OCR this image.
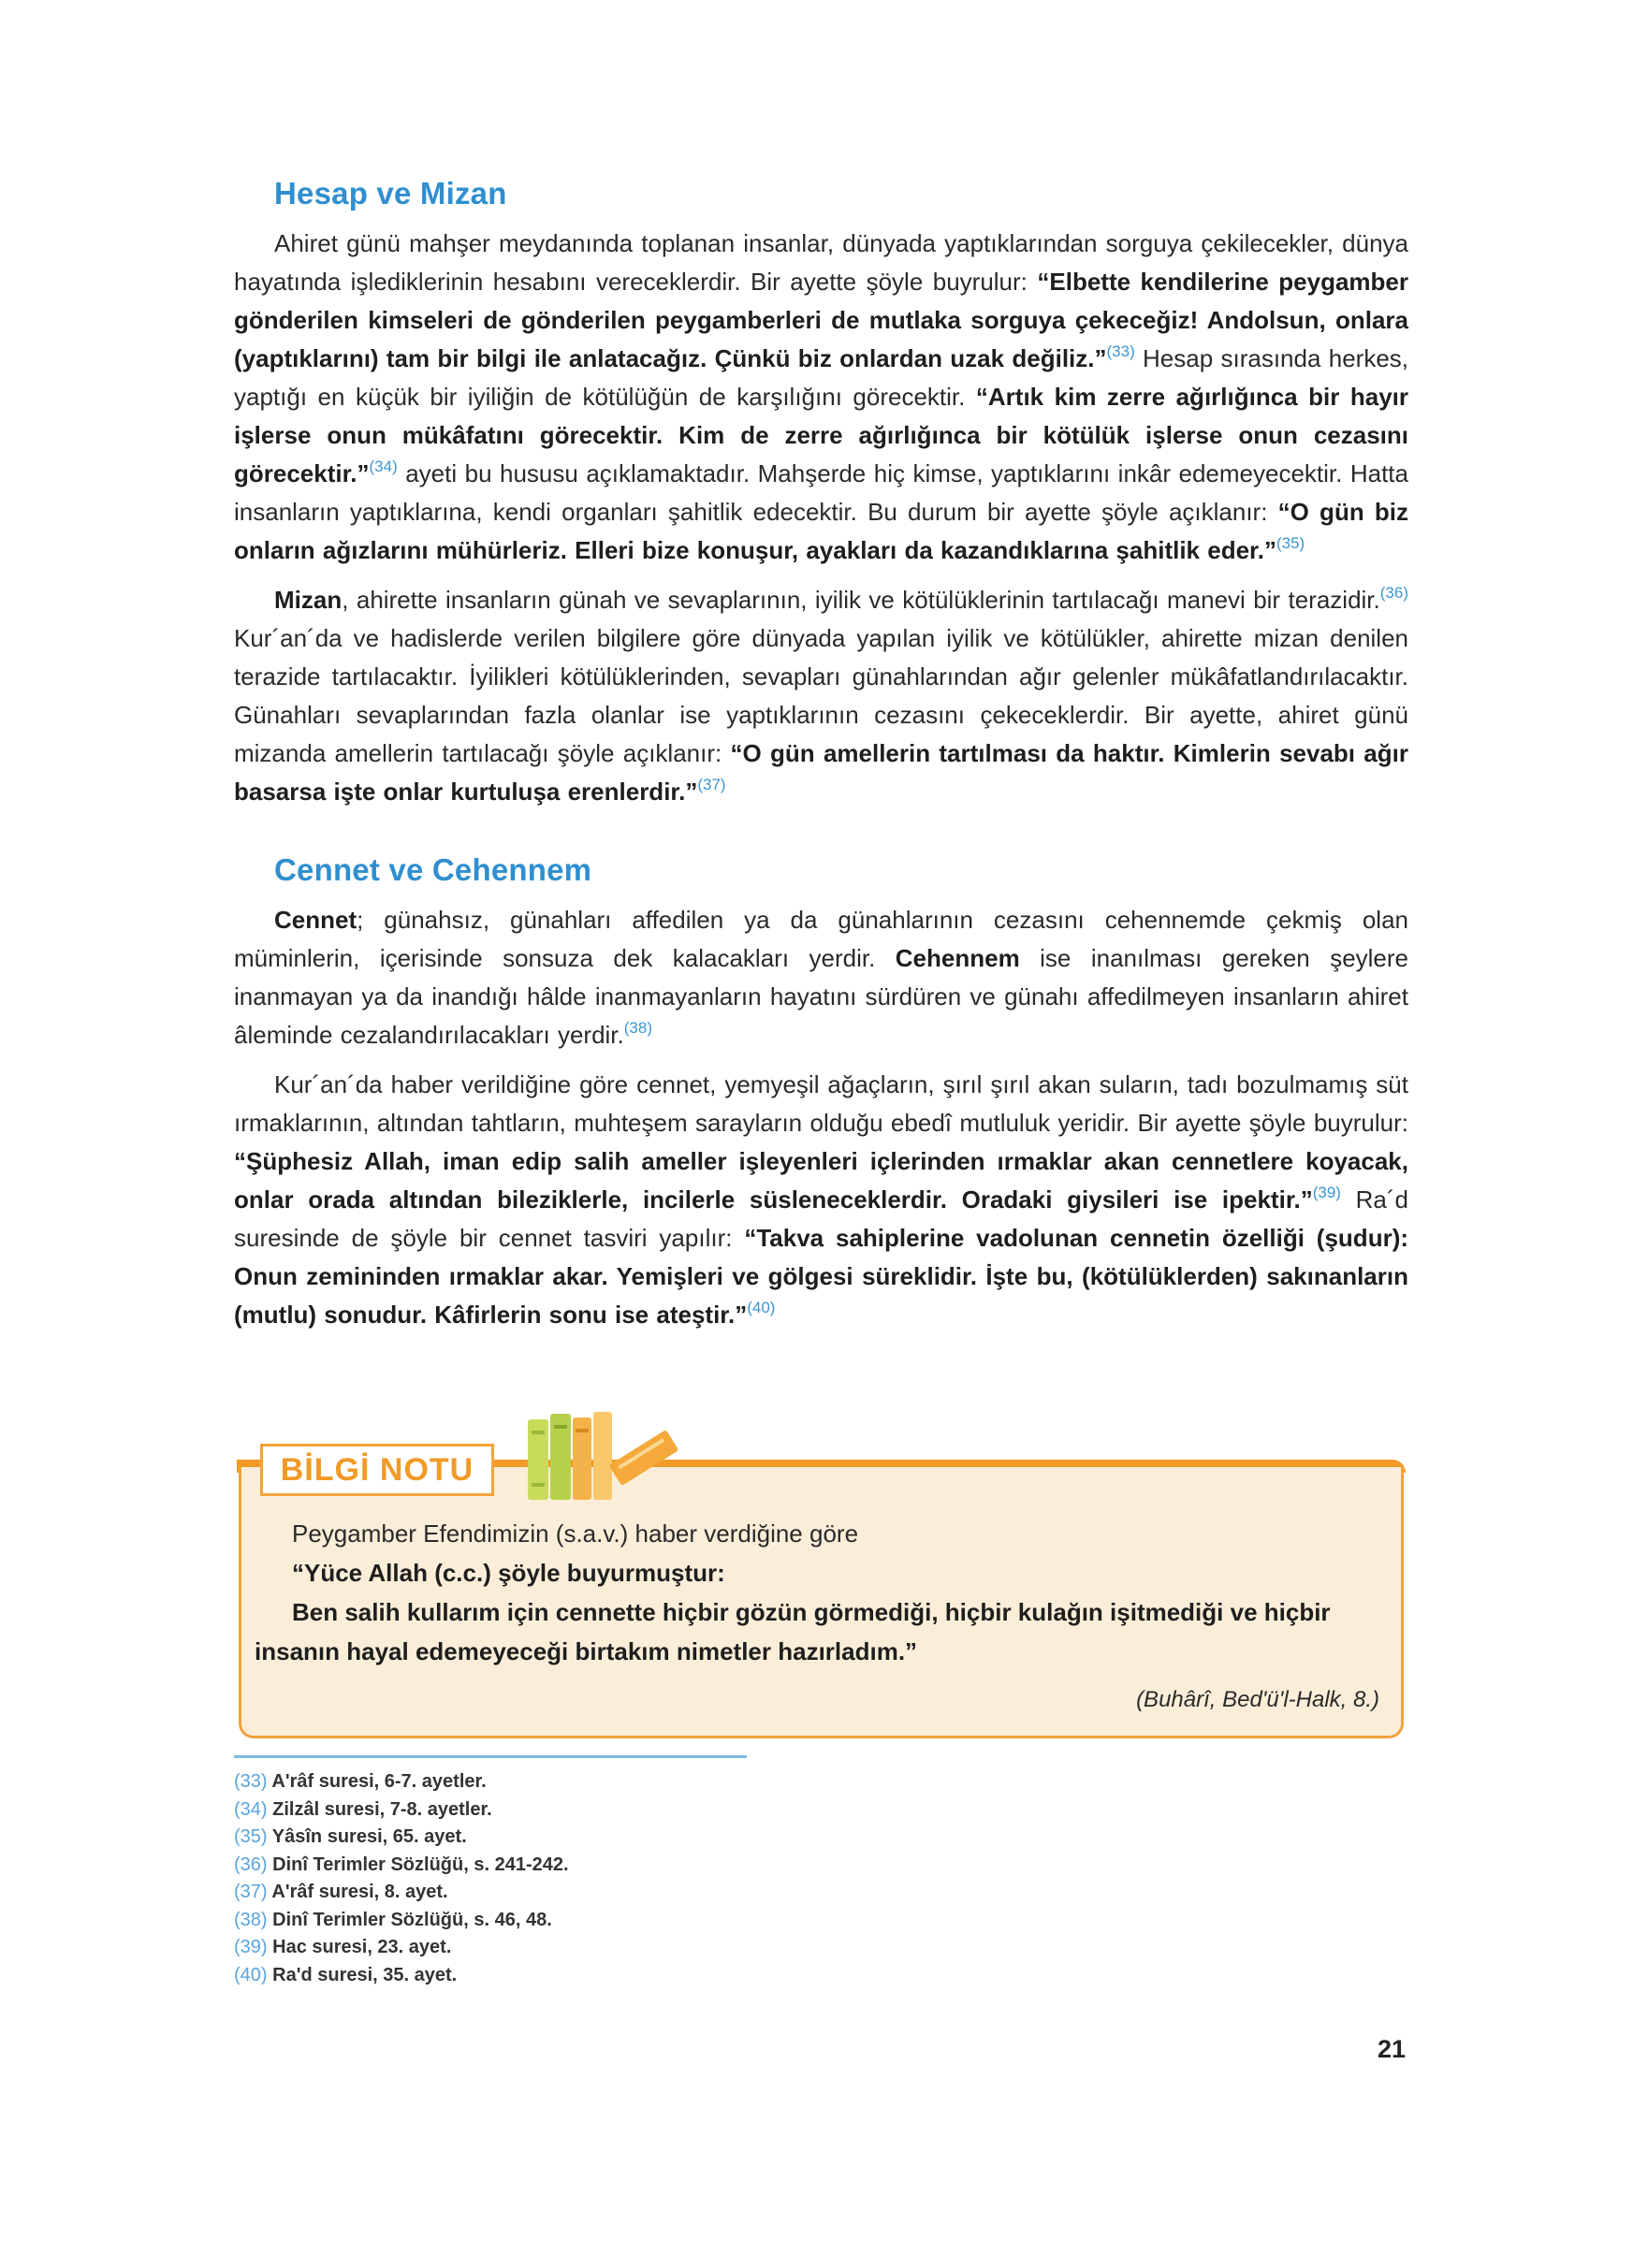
Hesap ve Mizan

Ahiret günü mahşer meydanında toplanan insanlar, dünyada yaptıklarından sorguya çekilecekler, dünya hayatında işlediklerinin hesabını vereceklerdir. Bir ayette şöyle buyrulur: “Elbette kendilerine peygamber gönderilen kimseleri de gönderilen peygamberleri de mutlaka sorguya çekeceğiz! Andolsun, onlara (yaptıklarını) tam bir bilgi ile anlatacağız. Çünkü biz onlardan uzak değiliz.”$^{(33)}$ Hesap sırasında herkes, yaptığı en küçük bir iyiliğin de kötülüğün de karşılığını görecektir. “Artık kim zerre ağırlığınca bir hayır işlerse onun mükâfatını görecektir. Kim de zerre ağırlığınca bir kötülük işlerse onun cezasını görecektir.”$^{(34)}$ ayeti bu hususu açıklamaktadır. Mahşerde hiç kimse, yaptıklarını inkâr edemeyecektir. Hatta insanların yaptıklarına, kendi organları şahitlik edecektir. Bu durum bir ayette şöyle açıklanır: “O gün biz onların ağızlarını mühürleriz. Elleri bize konuşur, ayakları da kazandıklarına şahitlik eder.”$^{(35)}$

Mizan, ahirette insanların günah ve sevaplarının, iyilik ve kötülüklerinin tartılacağı manevi bir terazidir.$^{(36)}$ Kur´an´da ve hadislerde verilen bilgilere göre dünyada yapılan iyilik ve kötülükler, ahirette mizan denilen terazide tartılacaktır. İyilikleri kötülüklerinden, sevapları günahlarından ağır gelenler mükâfatlandırılacaktır. Günahları sevaplarından fazla olanlar ise yaptıklarının cezasını çekeceklerdir. Bir ayette, ahiret günü mizanda amellerin tartılacağı şöyle açıklanır: “O gün amellerin tartılması da haktır. Kimlerin sevabı ağır basarsa işte onlar kurtuluşa erenlerdir.”$^{(37)}$

Cennet ve Cehennem

Cennet; günahsız, günahları affedilen ya da günahlarının cezasını cehennemde çekmiş olan müminlerin, içerisinde sonsuza dek kalacakları yerdir. Cehennem ise inanılması gereken şeylere inanmayan ya da inandığı hâlde inanmayanların hayatını sürdüren ve günahı affedilmeyen insanların ahiret âleminde cezalandırılacakları yerdir.$^{(38)}$

Kur´an´da haber verildiğine göre cennet, yemyeşil ağaçların, şırıl şırıl akan suların, tadı bozulmamış süt ırmaklarının, altından tahtların, muhteşem sarayların olduğu ebedî mutluluk yeridir. Bir ayette şöyle buyrulur: “Şüphesiz Allah, iman edip salih ameller işleyenleri içlerinden ırmaklar akan cennetlere koyacak, onlar orada altından bileziklerle, incilerle süsleneceklerdir. Oradaki giysileri ise ipektir.”$^{(39)}$ Ra´d suresinde de şöyle bir cennet tasviri yapılır: “Takva sahiplerine vadolunan cennetin özelliği (şudur): Onun zemininden ırmaklar akar. Yemişleri ve gölgesi süreklidir. İşte bu, (kötülüklerden) sakınanların (mutlu) sonudur. Kâfirlerin sonu ise ateştir.”$^{(40)}$

BİLGİ NOTU

Peygamber Efendimizin (s.a.v.) haber verdiğine göre

“Yüce Allah (c.c.) şöyle buyurmuştur:

Ben salih kullarım için cennette hiçbir gözün görmediği, hiçbir kulağın işitmediği ve hiçbir insanın hayal edemeyeceği birtakım nimetler hazırladım.”

(Buhârî, Bed'ü'l-Halk, 8.)

(33) A'râf suresi, 6-7. ayetler.
(34) Zilzâl suresi, 7-8. ayetler.
(35) Yâsîn suresi, 65. ayet.
(36) Dinî Terimler Sözlüğü, s. 241-242.
(37) A'râf suresi, 8. ayet.
(38) Dinî Terimler Sözlüğü, s. 46, 48.
(39) Hac suresi, 23. ayet.
(40) Ra'd suresi, 35. ayet.
21
